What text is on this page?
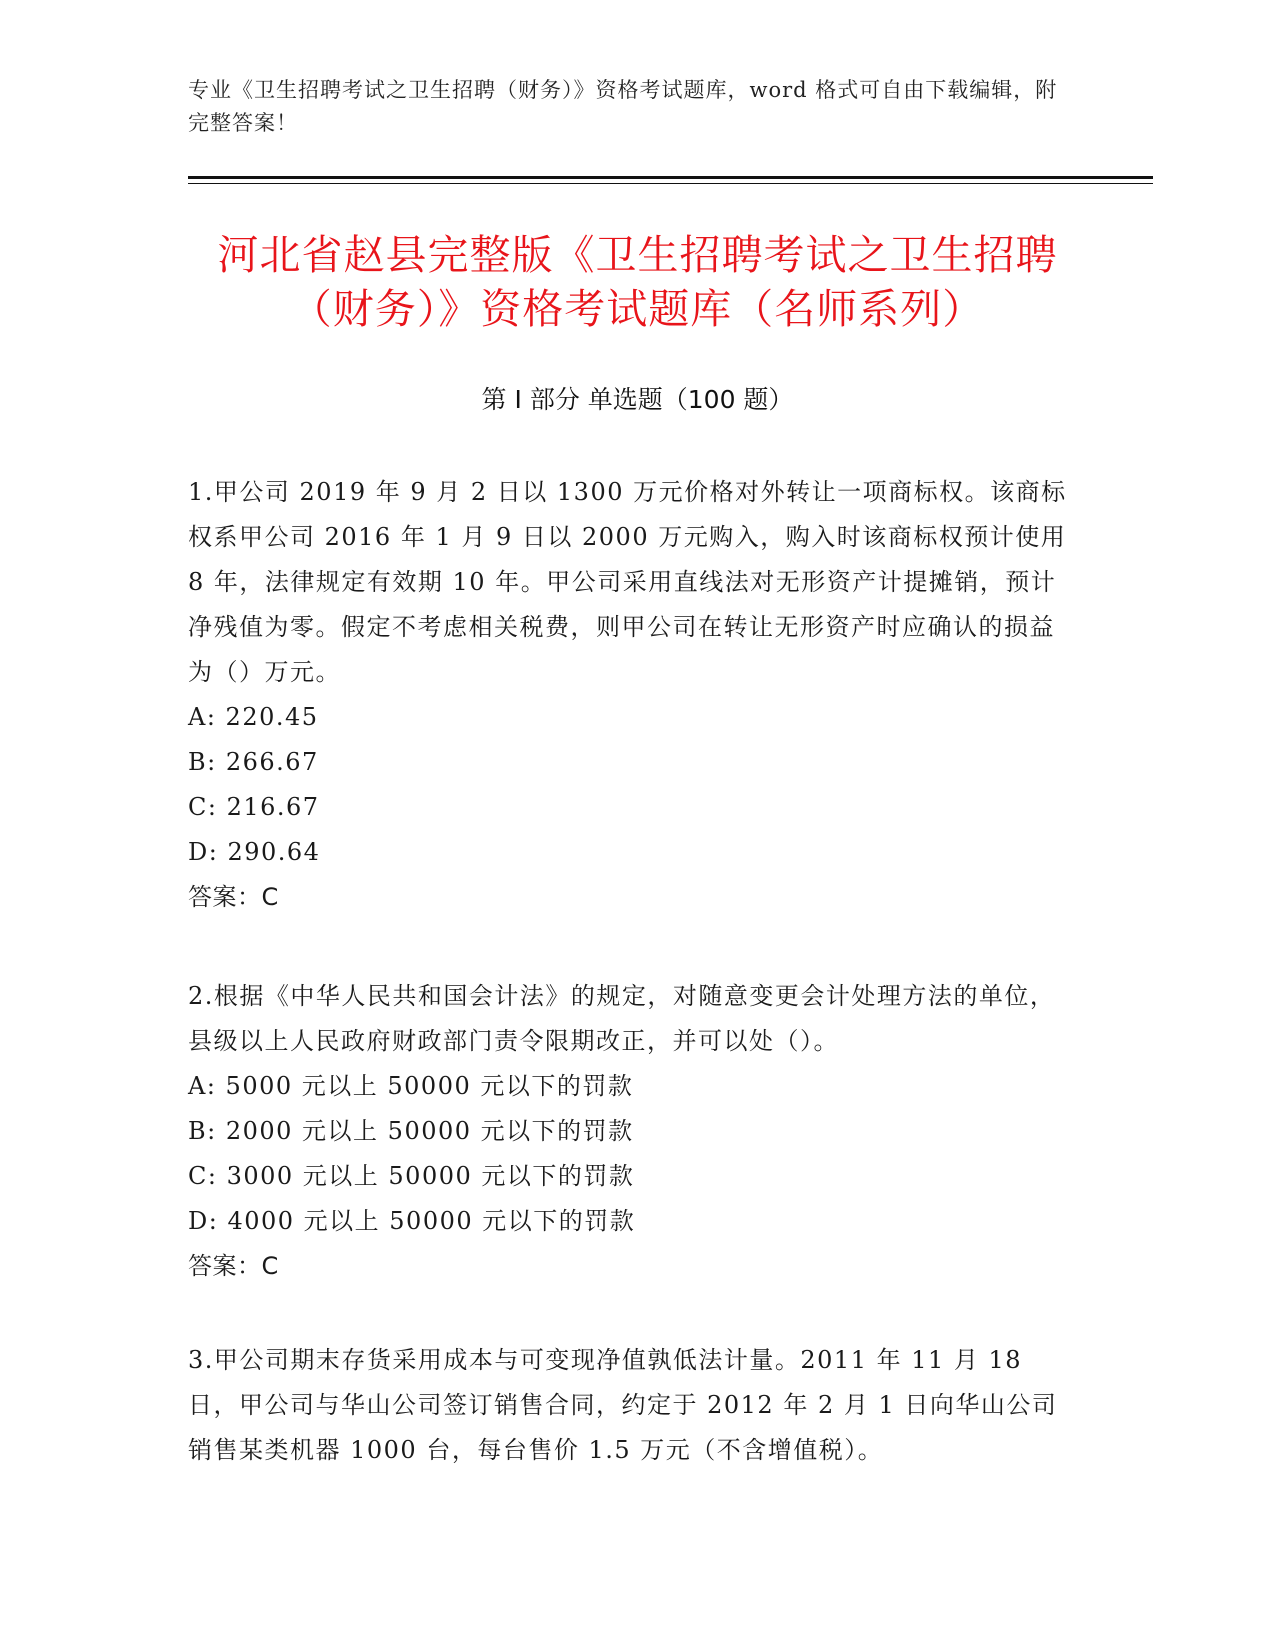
专业《卫生招聘考试之卫生招聘（财务）》资格考试题库，word 格式可自由下载编辑，附完整答案！
河北省赵县完整版《卫生招聘考试之卫生招聘（财务）》资格考试题库（名师系列）
第 I 部分 单选题（100 题）

1.甲公司 2019 年 9 月 2 日以 1300 万元价格对外转让一项商标权。该商标权系甲公司 2016 年 1 月 9 日以 2000 万元购入，购入时该商标权预计使用 8 年，法律规定有效期 10 年。甲公司采用直线法对无形资产计提摊销，预计净残值为零。假定不考虑相关税费，则甲公司在转让无形资产时应确认的损益为（）万元。

A: 220.45

B: 266.67

C: 216.67

D: 290.64

答案：C

2.根据《中华人民共和国会计法》的规定，对随意变更会计处理方法的单位，县级以上人民政府财政部门责令限期改正，并可以处（）。

A: 5000 元以上 50000 元以下的罚款

B: 2000 元以上 50000 元以下的罚款

C: 3000 元以上 50000 元以下的罚款

D: 4000 元以上 50000 元以下的罚款

答案：C

3.甲公司期末存货采用成本与可变现净值孰低法计量。2011 年 11 月 18 日，甲公司与华山公司签订销售合同，约定于 2012 年 2 月 1 日向华山公司销售某类机器 1000 台，每台售价 1.5 万元（不含增值税）。
